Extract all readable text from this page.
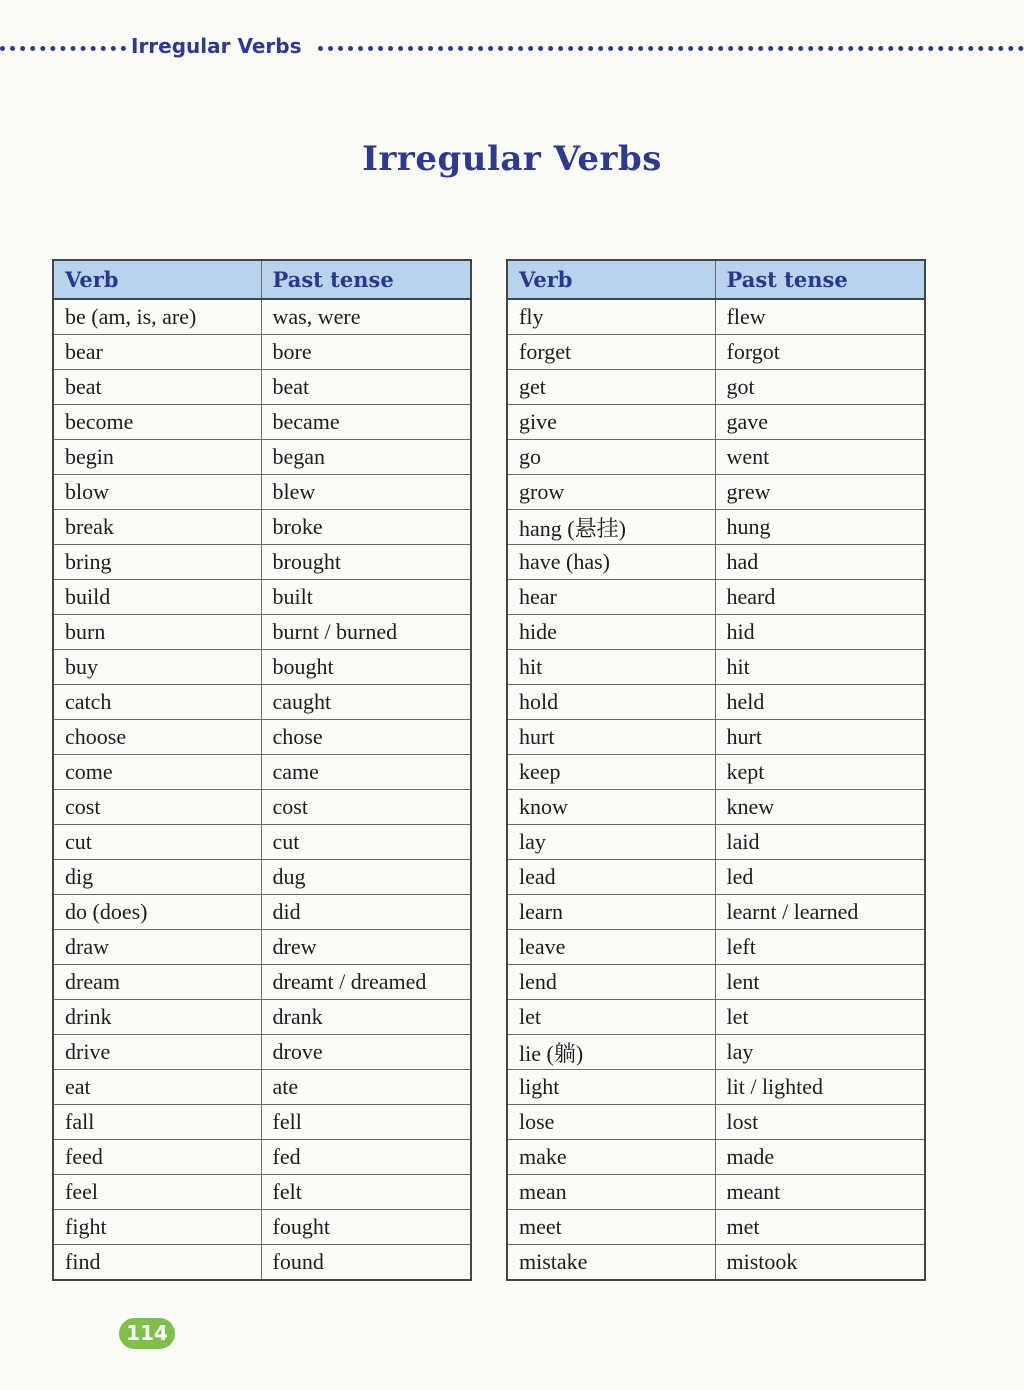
Irregular Verbs
Irregular Verbs
Verb	Past tense
be (am, is, are)	was, were
bear	bore
beat	beat
become	became
begin	began
blow	blew
break	broke
bring	brought
build	built
burn	burnt / burned
buy	bought
catch	caught
choose	chose
come	came
cost	cost
cut	cut
dig	dug
do (does)	did
draw	drew
dream	dreamt / dreamed
drink	drank
drive	drove
eat	ate
fall	fell
feed	fed
feel	felt
fight	fought
find	found
Verb	Past tense
fly	flew
forget	forgot
get	got
give	gave
go	went
grow	grew
hang (悬挂)	hung
have (has)	had
hear	heard
hide	hid
hit	hit
hold	held
hurt	hurt
keep	kept
know	knew
lay	laid
lead	led
learn	learnt / learned
leave	left
lend	lent
let	let
lie (躺)	lay
light	lit / lighted
lose	lost
make	made
mean	meant
meet	met
mistake	mistook
114
